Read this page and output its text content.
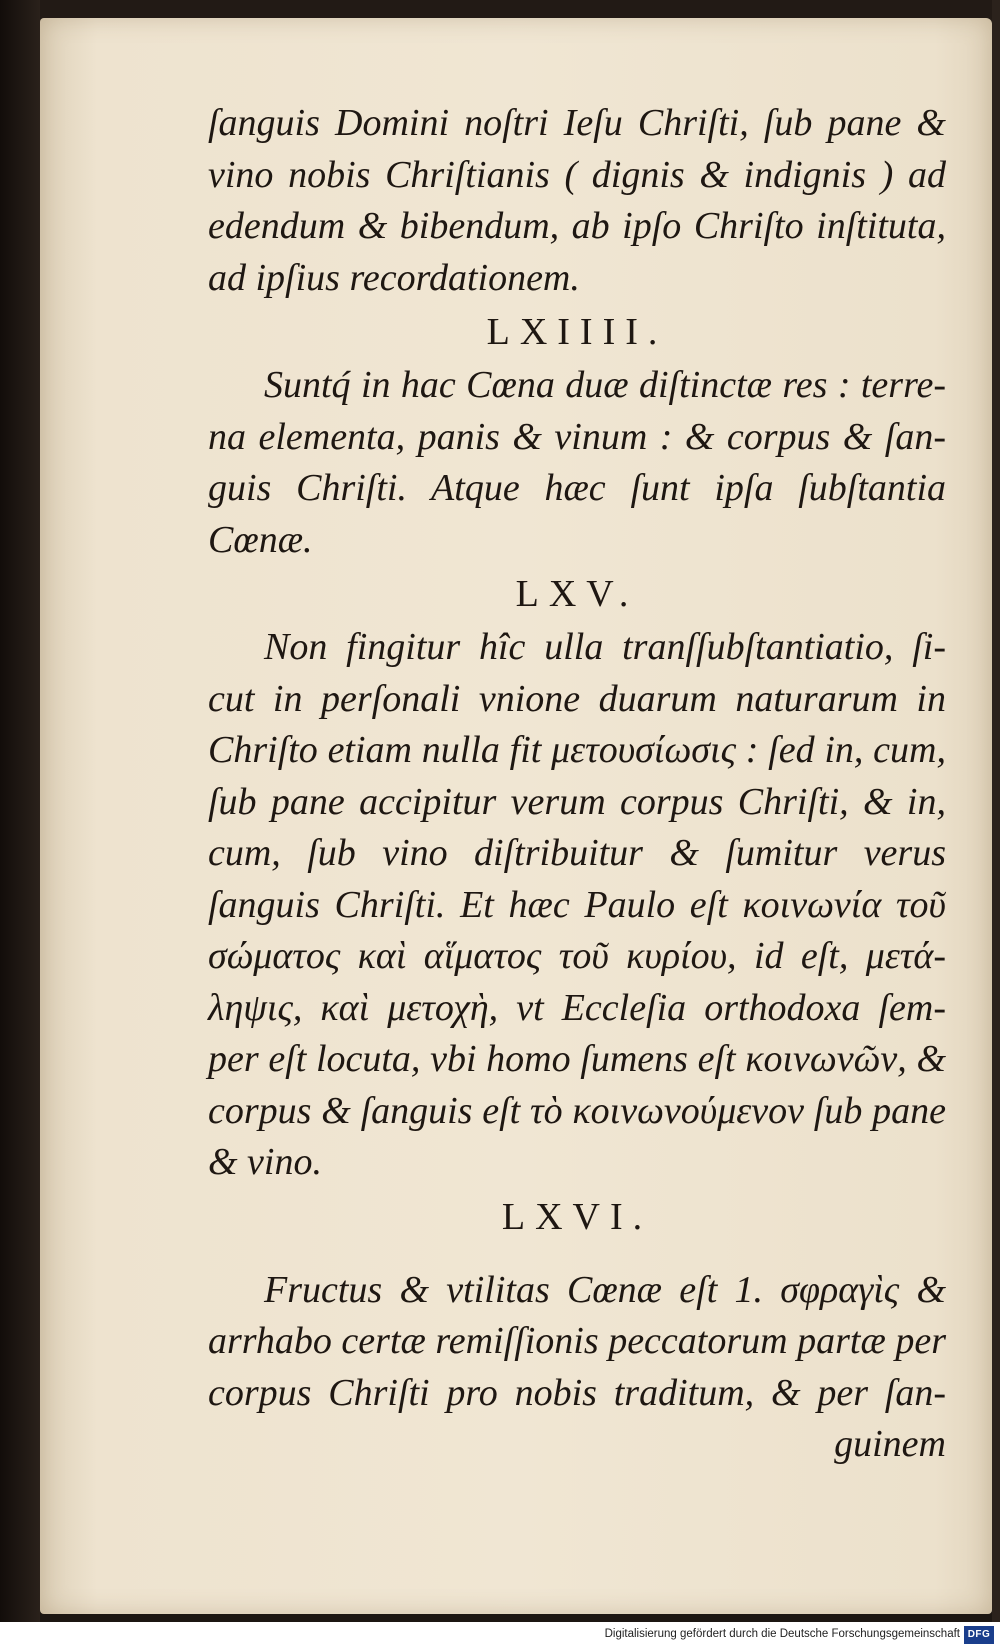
ſanguis Domini noſtri Ieſu Chriſti, ſub pane &
vino nobis Chriſtianis ( dignis & indignis ) ad
edendum & bibendum, ab ipſo Chriſto inſtituta,
ad ipſius recordationem.
LXIIII.
Suntq́ in hac Cœna duæ diſtinctæ res : terre-
na elementa, panis & vinum : & corpus & ſan-
guis Chriſti. Atque hæc ſunt ipſa ſubſtantia
Cœnæ.
LXV.
Non fingitur hîc ulla tranſſubſtantiatio, ſi-
cut in perſonali vnione duarum naturarum in
Chriſto etiam nulla fit μετουσίωσις : ſed in, cum,
ſub pane accipitur verum corpus Chriſti, & in,
cum, ſub vino diſtribuitur & ſumitur verus
ſanguis Chriſti. Et hæc Paulo eſt κοινωνία τοῦ
σώματος καὶ αἵματος τοῦ κυρίου, id eſt, μετά-
ληψις, καὶ μετοχὴ, vt Eccleſia orthodoxa ſem-
per eſt locuta, vbi homo ſumens eſt κοινωνῶν, &
corpus & ſanguis eſt τὸ κοινωνούμενον ſub pane
& vino.
LXVI.
Fructus & vtilitas Cœnæ eſt 1. σφραγὶς &
arrhabo certæ remiſſionis peccatorum partæ per
corpus Chriſti pro nobis traditum, & per ſan-
guinem
Digitalisierung gefördert durch die Deutsche Forschungsgemeinschaft DFG
